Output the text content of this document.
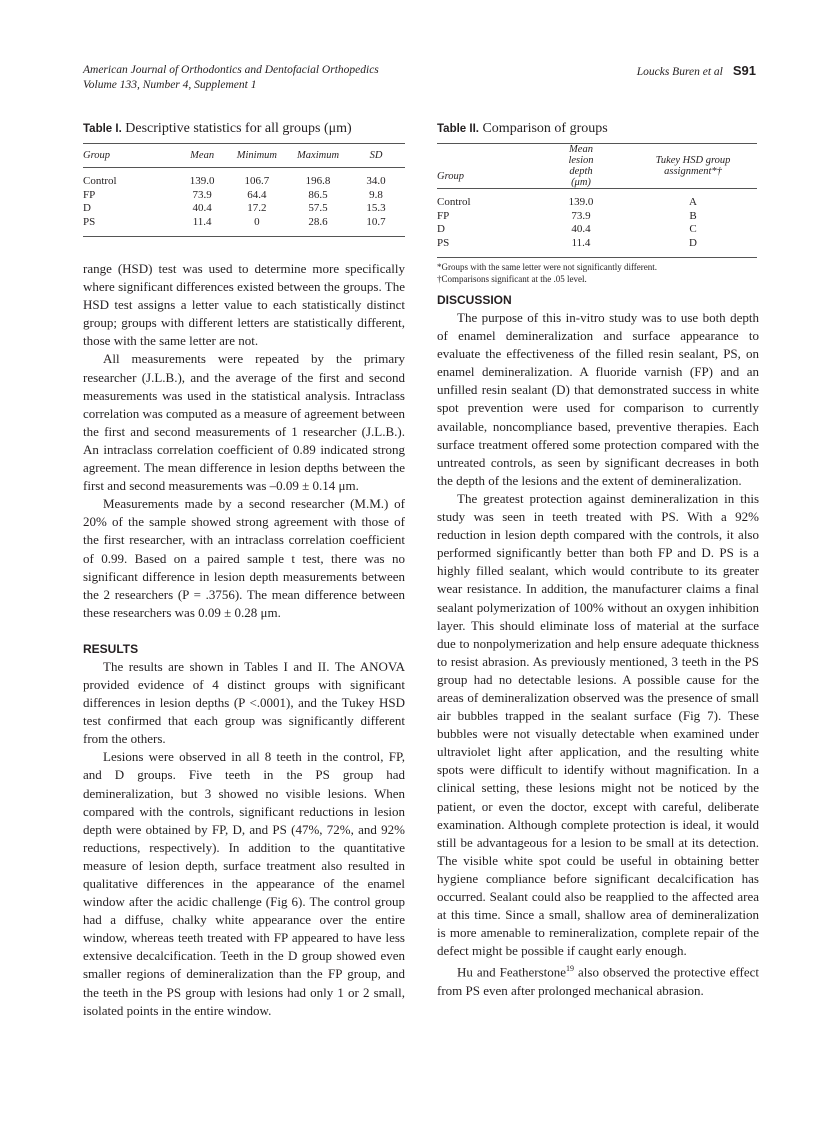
American Journal of Orthodontics and Dentofacial Orthopedics
Volume 133, Number 4, Supplement 1
Loucks Buren et al S91
Table I. Descriptive statistics for all groups (μm)
Group	Mean	Minimum	Maximum	SD
Control	139.0	106.7	196.8	34.0
FP	73.9	64.4	86.5	9.8
D	40.4	17.2	57.5	15.3
PS	11.4	0	28.6	10.7
Table II. Comparison of groups
Group	Mean lesion depth (μm)	Tukey HSD group assignment*†
Control	139.0	A
FP	73.9	B
D	40.4	C
PS	11.4	D
*Groups with the same letter were not significantly different.
†Comparisons significant at the .05 level.

range (HSD) test was used to determine more specifically where significant differences existed between the groups. The HSD test assigns a letter value to each statistically distinct group; groups with different letters are statistically different, those with the same letter are not.

All measurements were repeated by the primary researcher (J.L.B.), and the average of the first and second measurements was used in the statistical analysis. Intraclass correlation was computed as a measure of agreement between the first and second measurements of 1 researcher (J.L.B.). An intraclass correlation coefficient of 0.89 indicated strong agreement. The mean difference in lesion depths between the first and second measurements was –0.09 ± 0.14 μm.

Measurements made by a second researcher (M.M.) of 20% of the sample showed strong agreement with those of the first researcher, with an intraclass correlation coefficient of 0.99. Based on a paired sample t test, there was no significant difference in lesion depth measurements between the 2 researchers (P = .3756). The mean difference between these researchers was 0.09 ± 0.28 μm.

RESULTS

The results are shown in Tables I and II. The ANOVA provided evidence of 4 distinct groups with significant differences in lesion depths (P <.0001), and the Tukey HSD test confirmed that each group was significantly different from the others.

Lesions were observed in all 8 teeth in the control, FP, and D groups. Five teeth in the PS group had demineralization, but 3 showed no visible lesions. When compared with the controls, significant reductions in lesion depth were obtained by FP, D, and PS (47%, 72%, and 92% reductions, respectively). In addition to the quantitative measure of lesion depth, surface treatment also resulted in qualitative differences in the appearance of the enamel window after the acidic challenge (Fig 6). The control group had a diffuse, chalky white appearance over the entire window, whereas teeth treated with FP appeared to have less extensive decalcification. Teeth in the D group showed even smaller regions of demineralization than the FP group, and the teeth in the PS group with lesions had only 1 or 2 small, isolated points in the entire window.

DISCUSSION

The purpose of this in-vitro study was to use both depth of enamel demineralization and surface appearance to evaluate the effectiveness of the filled resin sealant, PS, on enamel demineralization. A fluoride varnish (FP) and an unfilled resin sealant (D) that demonstrated success in white spot prevention were used for comparison to currently available, noncompliance based, preventive therapies. Each surface treatment offered some protection compared with the untreated controls, as seen by significant decreases in both the depth of the lesions and the extent of demineralization.

The greatest protection against demineralization in this study was seen in teeth treated with PS. With a 92% reduction in lesion depth compared with the controls, it also performed significantly better than both FP and D. PS is a highly filled sealant, which would contribute to its greater wear resistance. In addition, the manufacturer claims a final sealant polymerization of 100% without an oxygen inhibition layer. This should eliminate loss of material at the surface due to nonpolymerization and help ensure adequate thickness to resist abrasion. As previously mentioned, 3 teeth in the PS group had no detectable lesions. A possible cause for the areas of demineralization observed was the presence of small air bubbles trapped in the sealant surface (Fig 7). These bubbles were not visually detectable when examined under ultraviolet light after application, and the resulting white spots were difficult to identify without magnification. In a clinical setting, these lesions might not be noticed by the patient, or even the doctor, except with careful, deliberate examination. Although complete protection is ideal, it would still be advantageous for a lesion to be small at its detection. The visible white spot could be useful in obtaining better hygiene compliance before significant decalcification has occurred. Sealant could also be reapplied to the affected area at this time. Since a small, shallow area of demineralization is more amenable to remineralization, complete repair of the defect might be possible if caught early enough.

Hu and Featherstone$^{19}$ also observed the protective effect from PS even after prolonged mechanical abrasion.
